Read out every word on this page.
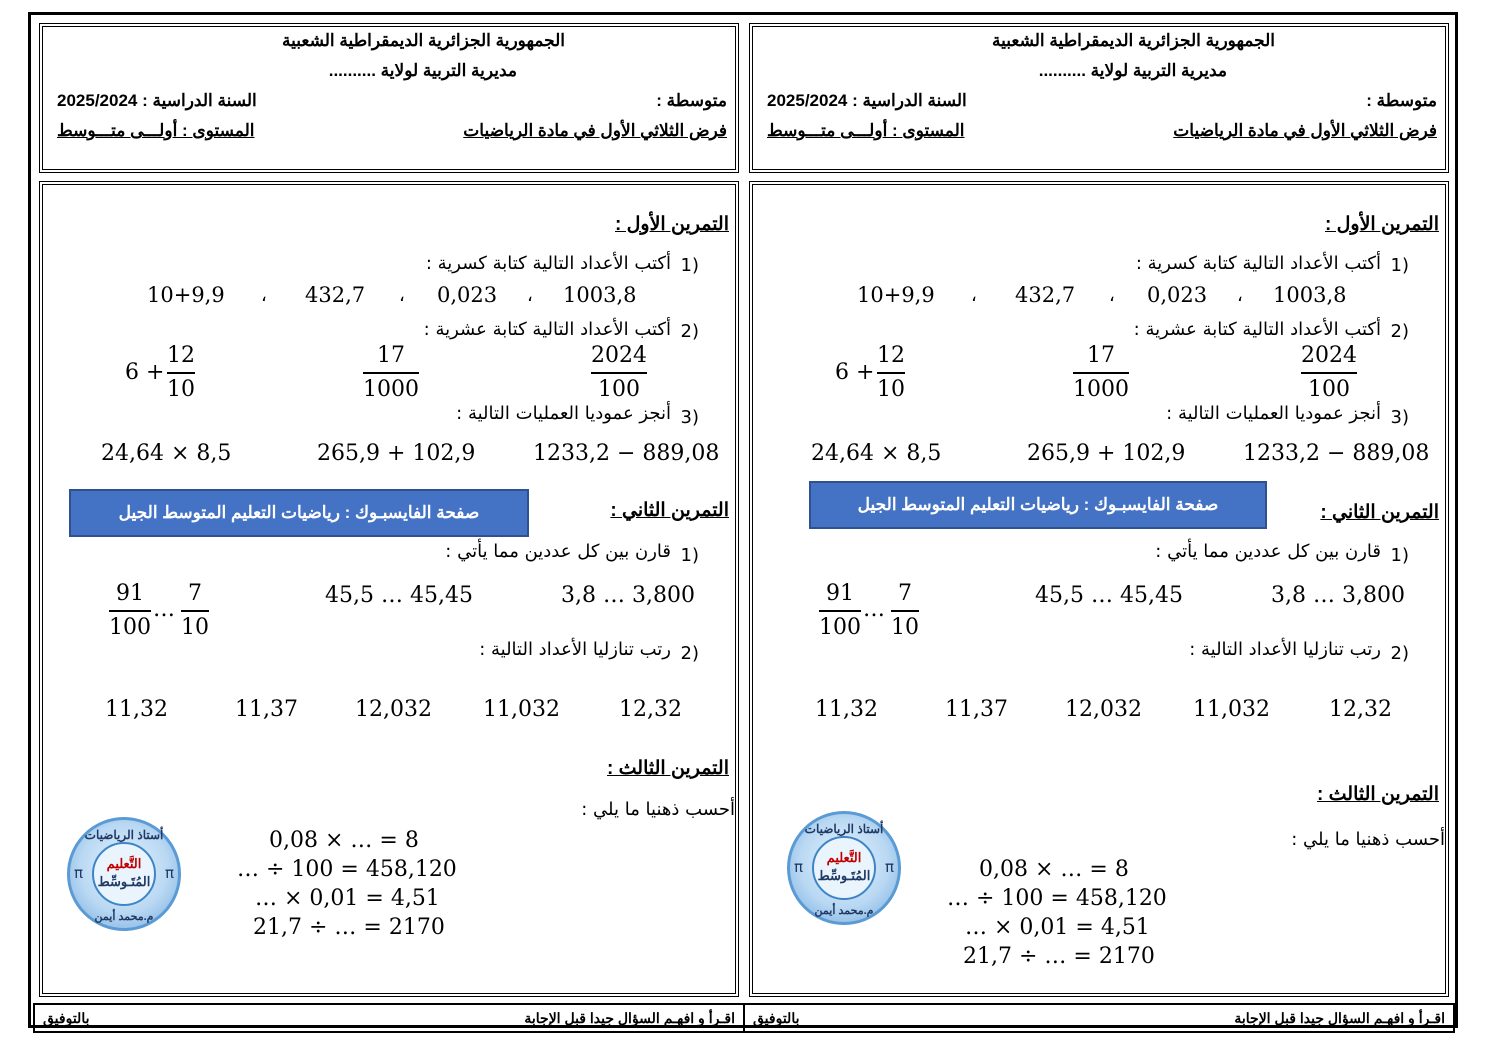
الجمهورية الجزائرية الديمقراطية الشعبية
مديرية التربية لولاية ..........
متوسطة :
السنة الدراسية : 2025/2024
فرض الثلاثي الأول في مادة الرياضيات
المستوى : أولـــى متـــوسط
التمرين الأول :
1)
أكتب الأعداد التالية كتابة كسرية :
1003,8
،
0,023
،
432,7
،
10+9,9
2)
أكتب الأعداد التالية كتابة عشرية :
2024
100
17
1000
6 +
12
10
3)
أنجز عموديا العمليات التالية :
1233,2 − 889,08
265,9 + 102,9
24,64 × 8,5
صفحة الفايسبـوك : رياضيات التعليم المتوسط الجيل	التمرين الثاني :
1)
قارن بين كل عددين مما يأتي :
3,8 … 3,800
45,5 … 45,45
7
10
…
91
100
2)
رتب تنازليا الأعداد التالية :
12,32
11,032
12,032
11,37
11,32
التمرين الثالث :
أحسب ذهنيا ما يلي :
0,08 × … = 8
… ÷ 100 = 458,120
… × 0,01 = 4,51
21,7 ÷ … = 2170
أستاذ الرياضيات
التَّعليم
المُتَـوسِّط
م.محمد أيمن
π	π
اقـرأ و افهـم السؤال جيدا قبل الإجابة
بالتوفيق
الجمهورية الجزائرية الديمقراطية الشعبية
مديرية التربية لولاية ..........
متوسطة :
السنة الدراسية : 2025/2024
فرض الثلاثي الأول في مادة الرياضيات
المستوى : أولـــى متـــوسط
التمرين الأول :
1)
أكتب الأعداد التالية كتابة كسرية :
1003,8
،
0,023
،
432,7
،
10+9,9
2)
أكتب الأعداد التالية كتابة عشرية :
2024
100
17
1000
6 +
12
10
3)
أنجز عموديا العمليات التالية :
1233,2 − 889,08
265,9 + 102,9
24,64 × 8,5
صفحة الفايسبـوك : رياضيات التعليم المتوسط الجيل	التمرين الثاني :
1)
قارن بين كل عددين مما يأتي :
3,8 … 3,800
45,5 … 45,45
7
10
…
91
100
2)
رتب تنازليا الأعداد التالية :
12,32
11,032
12,032
11,37
11,32
التمرين الثالث :
أحسب ذهنيا ما يلي :
0,08 × … = 8
… ÷ 100 = 458,120
… × 0,01 = 4,51
21,7 ÷ … = 2170
أستاذ الرياضيات
التَّعليم
المُتَـوسِّط
م.محمد أيمن
π	π
اقـرأ و افهـم السؤال جيدا قبل الإجابة
بالتوفيق
